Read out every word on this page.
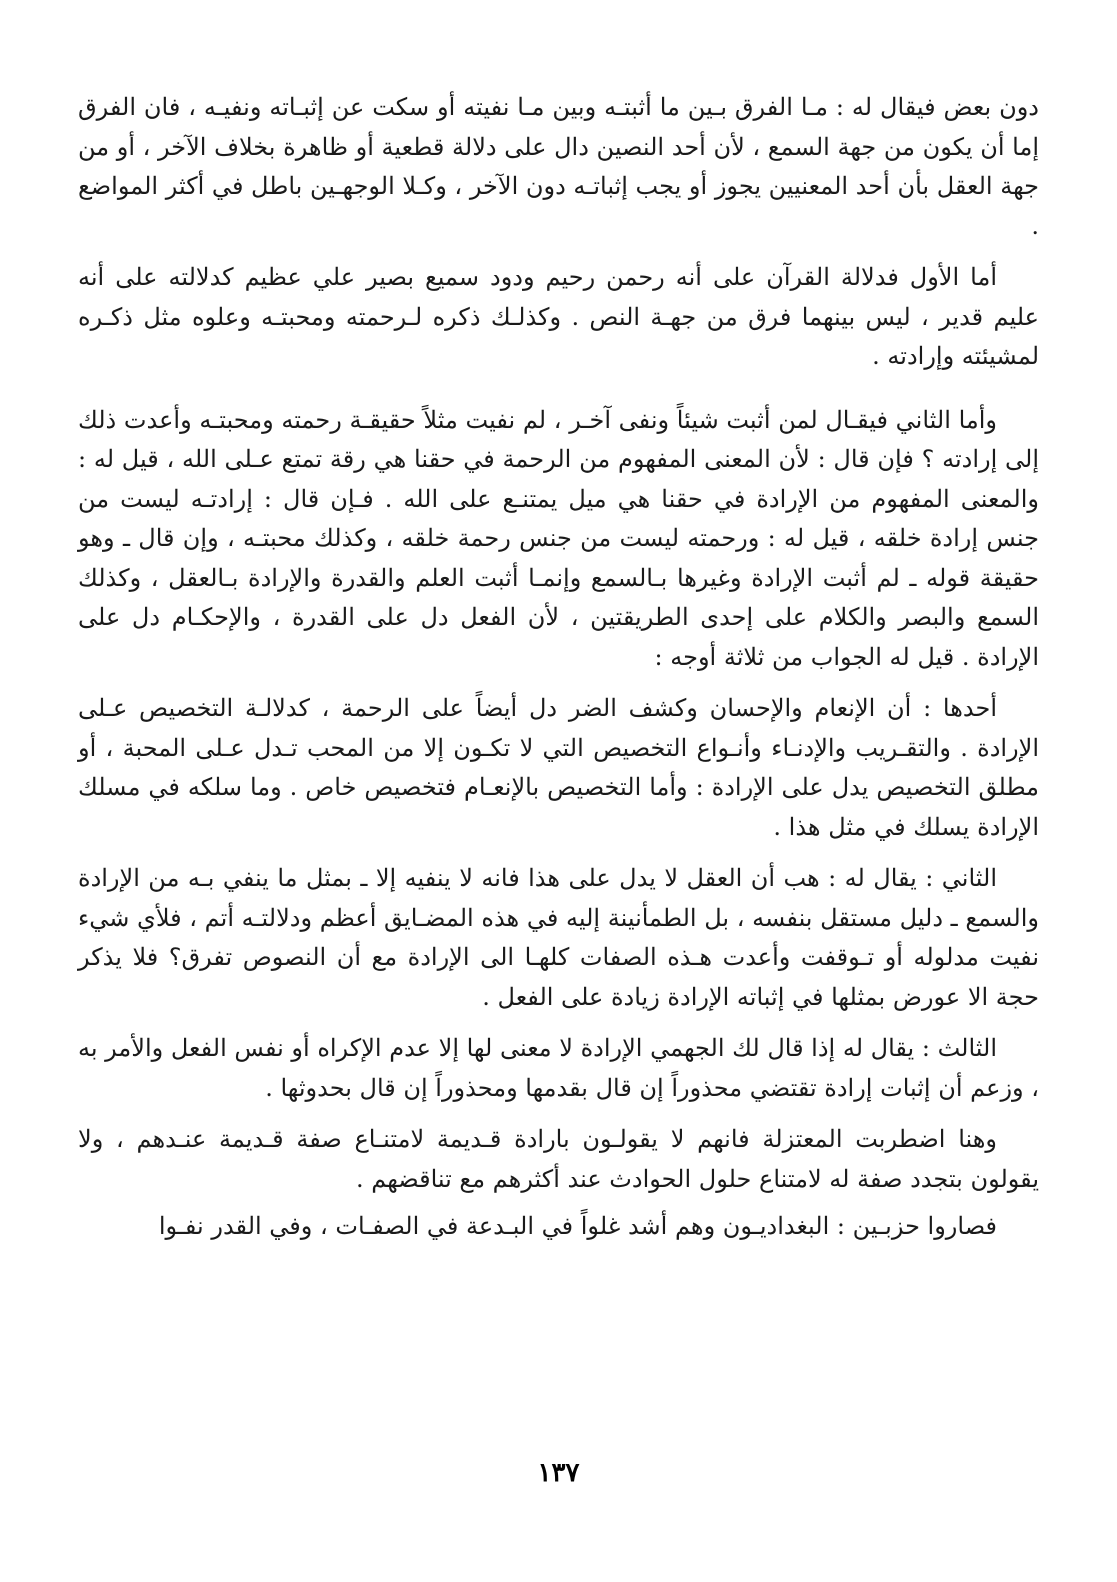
دون بعض فيقال له : مـا الفرق بـين ما أثبتـه وبين مـا نفيته أو سكت عن إثبـاته ونفيـه ، فان الفرق إما أن يكون من جهة السمع ، لأن أحد النصين دال على دلالة قطعية أو ظاهرة بخلاف الآخر ، أو من جهة العقل بأن أحد المعنيين يجوز أو يجب إثباتـه دون الآخر ، وكـلا الوجهـين باطل في أكثر المواضع .

أما الأول فدلالة القرآن على أنه رحمن رحيم ودود سميع بصير علي عظيم كدلالته على أنه عليم قدير ، ليس بينهما فرق من جهـة النص . وكذلـك ذكره لـرحمته ومحبتـه وعلوه مثل ذكـره لمشيئته وإرادته .

وأما الثاني فيقـال لمن أثبت شيئاً ونفى آخـر ، لم نفيت مثلاً حقيقـة رحمته ومحبتـه وأعدت ذلك إلى إرادته ؟ فإن قال : لأن المعنى المفهوم من الرحمة في حقنا هي رقة تمتع عـلى الله ، قيل له : والمعنى المفهوم من الإرادة في حقنا هي ميل يمتنـع على الله . فـإن قال : إرادتـه ليست من جنس إرادة خلقه ، قيل له : ورحمته ليست من جنس رحمة خلقه ، وكذلك محبتـه ، وإن قال ـ وهو حقيقة قوله ـ لم أثبت الإرادة وغيرها بـالسمع وإنمـا أثبت العلم والقدرة والإرادة بـالعقل ، وكذلك السمع والبصر والكلام على إحدى الطريقتين ، لأن الفعل دل على القدرة ، والإحكـام دل على الإرادة . قيل له الجواب من ثلاثة أوجه :

أحدها : أن الإنعام والإحسان وكشف الضر دل أيضاً على الرحمة ، كدلالـة التخصيص عـلى الإرادة . والتقـريب والإدنـاء وأنـواع التخصيص التي لا تكـون إلا من المحب تـدل عـلى المحبة ، أو مطلق التخصيص يدل على الإرادة : وأما التخصيص بالإنعـام فتخصيص خاص . وما سلكه في مسلك الإرادة يسلك في مثل هذا .

الثاني : يقال له : هب أن العقل لا يدل على هذا فانه لا ينفيه إلا ـ بمثل ما ينفي بـه من الإرادة والسمع ـ دليل مستقل بنفسه ، بل الطمأنينة إليه في هذه المضـايق أعظم ودلالتـه أتم ، فلأي شيء نفيت مدلوله أو تـوقفت وأعدت هـذه الصفات كلهـا الى الإرادة مع أن النصوص تفرق؟ فلا يذكر حجة الا عورض بمثلها في إثباته الإرادة زيادة على الفعل .

الثالث : يقال له إذا قال لك الجهمي الإرادة لا معنى لها إلا عدم الإكراه أو نفس الفعل والأمر به ، وزعم أن إثبات إرادة تقتضي محذوراً إن قال بقدمها ومحذوراً إن قال بحدوثها .

وهنا اضطربت المعتزلة فانهم لا يقولـون بارادة قـديمة لامتنـاع صفة قـديمة عنـدهم ، ولا يقولون بتجدد صفة له لامتناع حلول الحوادث عند أكثرهم مع تناقضهم .

فصاروا حزبـين : البغداديـون وهم أشد غلواً في البـدعة في الصفـات ، وفي القدر نفـوا

١٣٧
